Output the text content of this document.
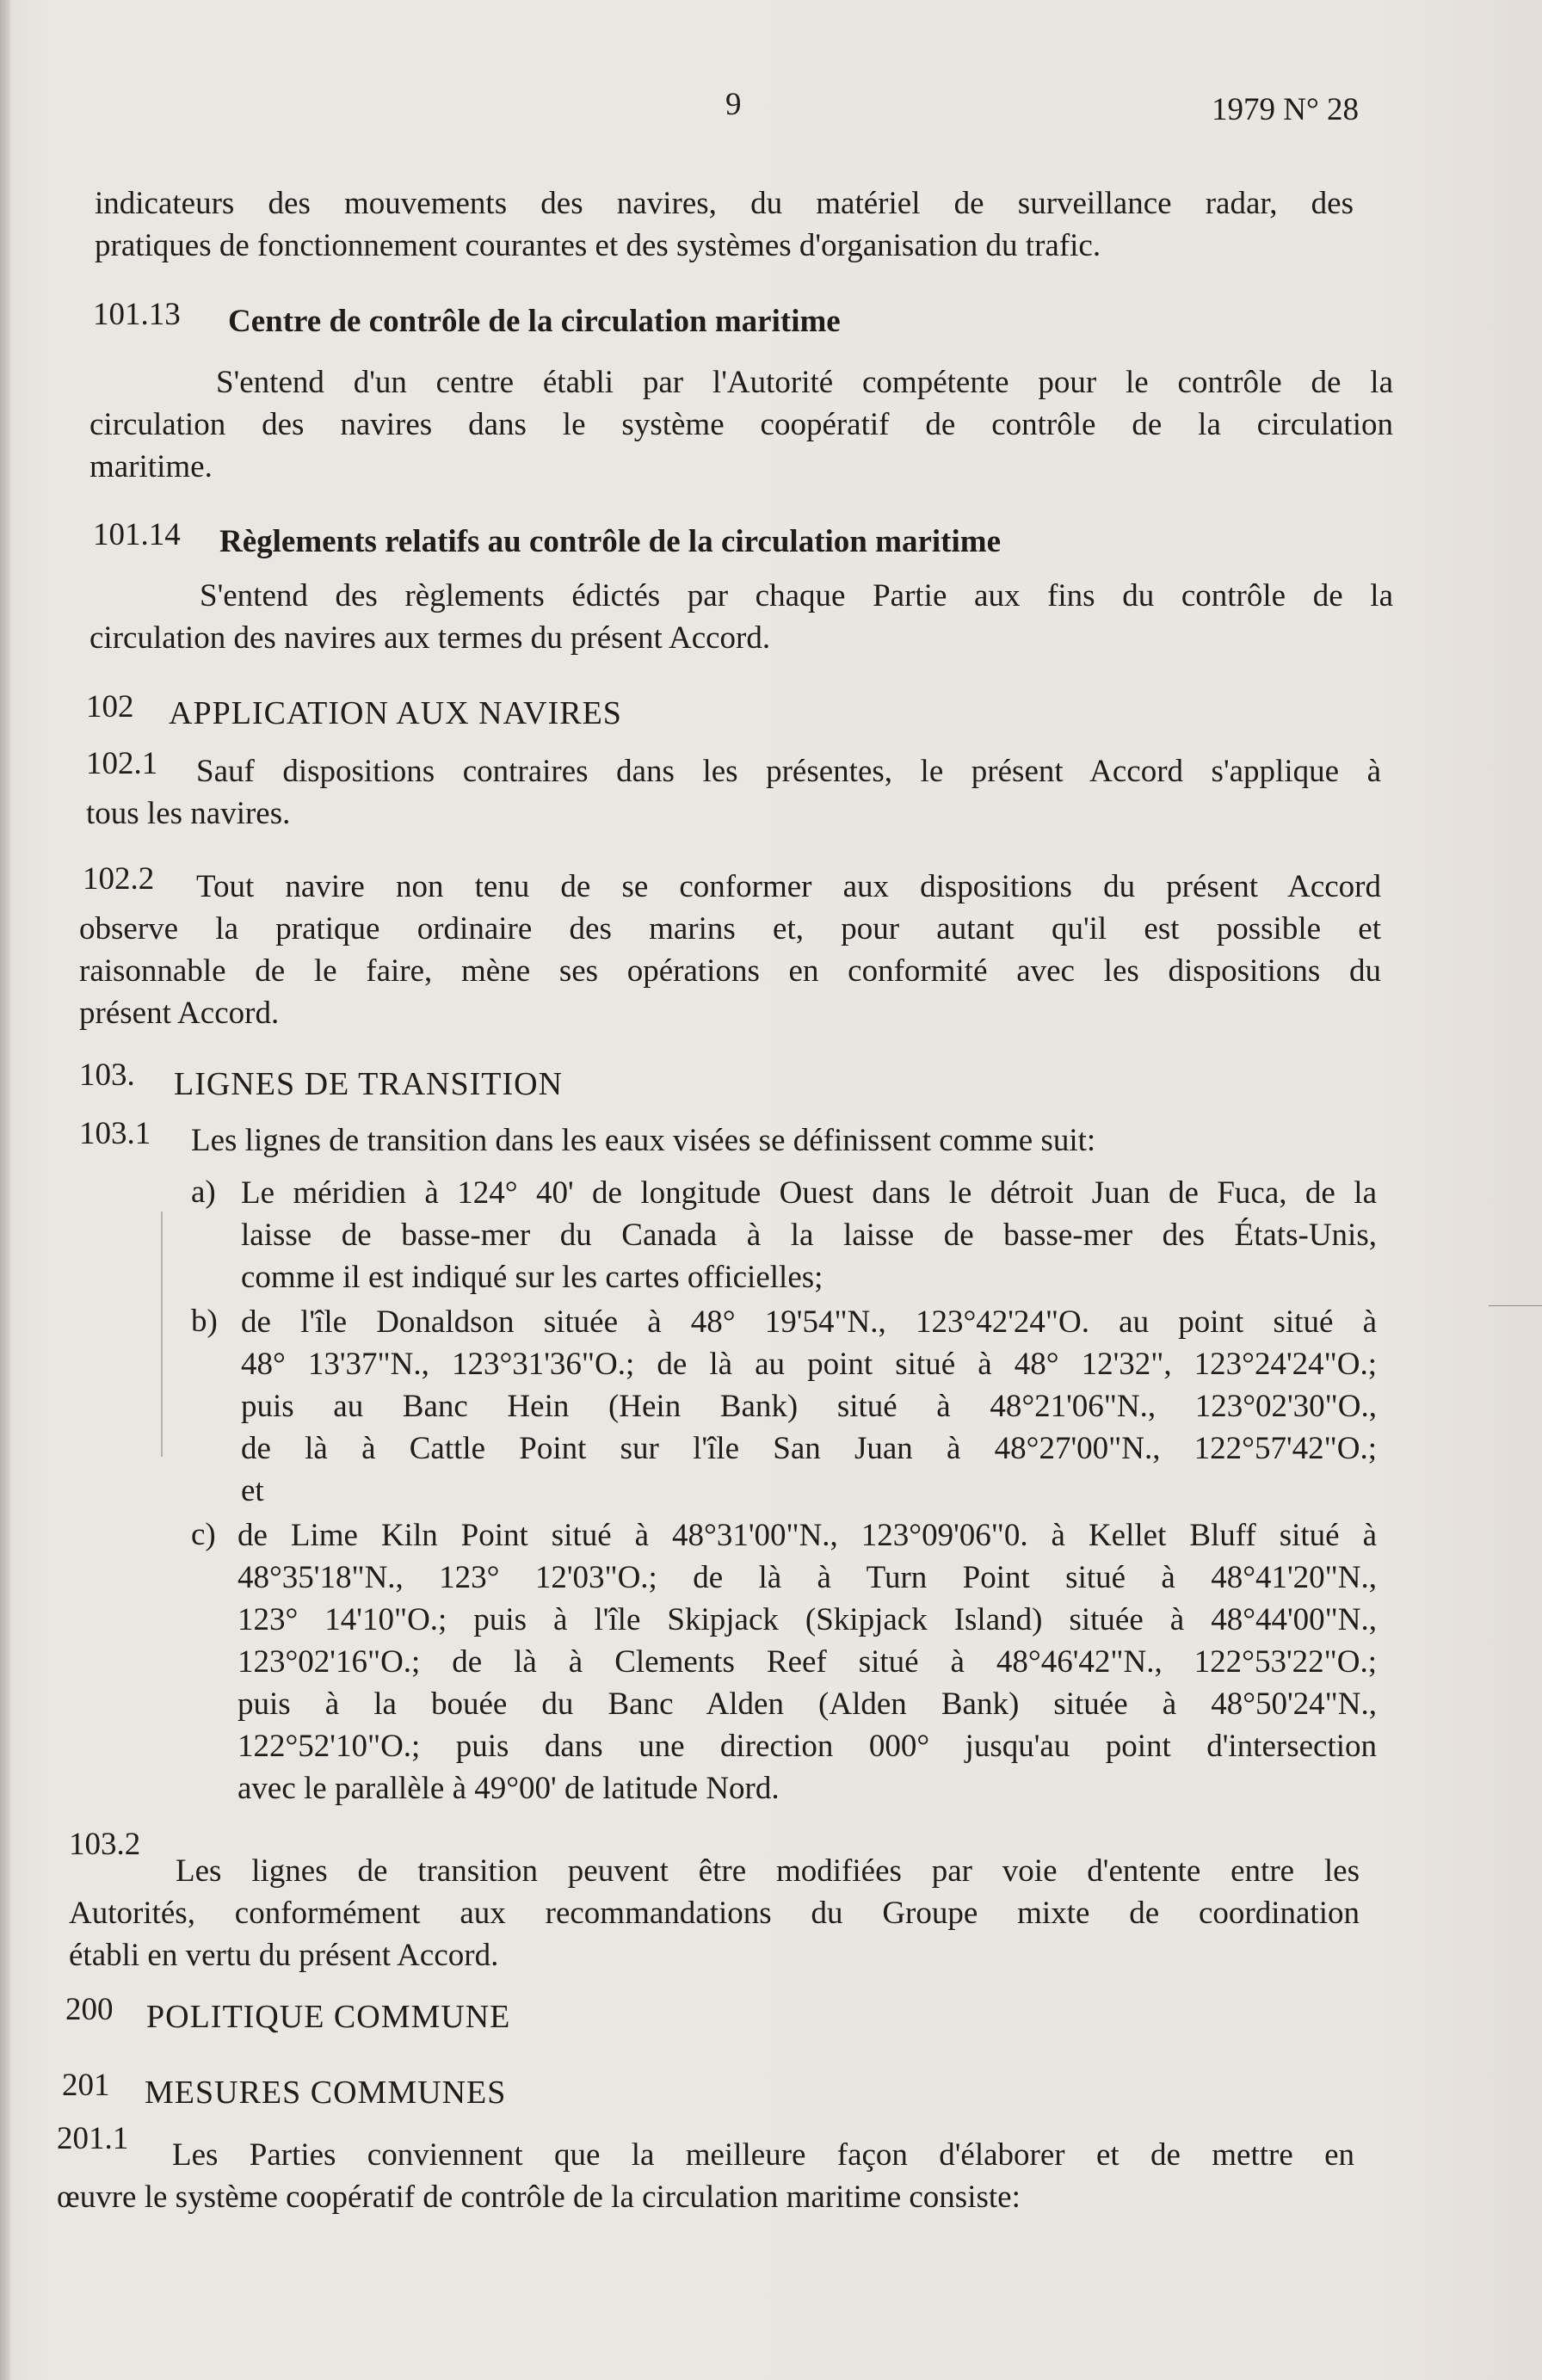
9	1979 N° 28
indicateurs des mouvements des navires, du matériel de surveillance radar, des
pratiques de fonctionnement courantes et des systèmes d'organisation du trafic.
101.13 Centre de contrôle de la circulation maritime
S'entend d'un centre établi par l'Autorité compétente pour le contrôle de la
circulation des navires dans le système coopératif de contrôle de la circulation
maritime.
101.14 Règlements relatifs au contrôle de la circulation maritime
S'entend des règlements édictés par chaque Partie aux fins du contrôle de la
circulation des navires aux termes du présent Accord.
102 APPLICATION AUX NAVIRES
102.1	Sauf dispositions contraires dans les présentes, le présent Accord s'applique à
tous les navires.
102.2	Tout navire non tenu de se conformer aux dispositions du présent Accord
observe la pratique ordinaire des marins et, pour autant qu'il est possible et
raisonnable de le faire, mène ses opérations en conformité avec les dispositions du
présent Accord.
103. LIGNES DE TRANSITION
103.1 Les lignes de transition dans les eaux visées se définissent comme suit:
a) Le méridien à 124° 40' de longitude Ouest dans le détroit Juan de Fuca, de la
laisse de basse-mer du Canada à la laisse de basse-mer des États-Unis,
comme il est indiqué sur les cartes officielles;
b) de l'île Donaldson située à 48° 19'54"N., 123°42'24"O. au point situé à
48° 13'37"N., 123°31'36"O.; de là au point situé à 48° 12'32", 123°24'24"O.;
puis au Banc Hein (Hein Bank) situé à 48°21'06"N., 123°02'30"O.,
de là à Cattle Point sur l'île San Juan à 48°27'00"N., 122°57'42"O.;
et
c) de Lime Kiln Point situé à 48°31'00"N., 123°09'06"0. à Kellet Bluff situé à
48°35'18"N., 123° 12'03"O.; de là à Turn Point situé à 48°41'20"N.,
123° 14'10"O.; puis à l'île Skipjack (Skipjack Island) située à 48°44'00"N.,
123°02'16"O.; de là à Clements Reef situé à 48°46'42"N., 122°53'22"O.;
puis à la bouée du Banc Alden (Alden Bank) située à 48°50'24"N.,
122°52'10"O.; puis dans une direction 000° jusqu'au point d'intersection
avec le parallèle à 49°00' de latitude Nord.
103.2
Les lignes de transition peuvent être modifiées par voie d'entente entre les
Autorités, conformément aux recommandations du Groupe mixte de coordination
établi en vertu du présent Accord.
200 POLITIQUE COMMUNE
201 MESURES COMMUNES
201.1	Les Parties conviennent que la meilleure façon d'élaborer et de mettre en
œuvre le système coopératif de contrôle de la circulation maritime consiste:
